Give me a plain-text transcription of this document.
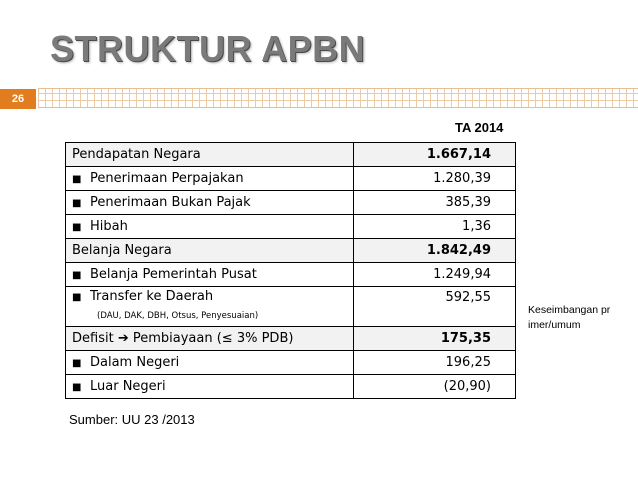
STRUKTUR APBN
26
TA 2014
Pendapatan Negara	1.667,14
■ Penerimaan Perpajakan	1.280,39
■ Penerimaan Bukan Pajak	385,39
■ Hibah	1,36
Belanja Negara	1.842,49
■ Belanja Pemerintah Pusat	1.249,94
■ Transfer ke Daerah
(DAU, DAK, DBH, Otsus, Penyesuaian)	592,55
Defisit ➔ Pembiayaan (≤ 3% PDB)	175,35
■ Dalam Negeri	196,25
■ Luar Negeri	(20,90)
Sumber: UU 23 /2013
Keseimbangan primer/umum
